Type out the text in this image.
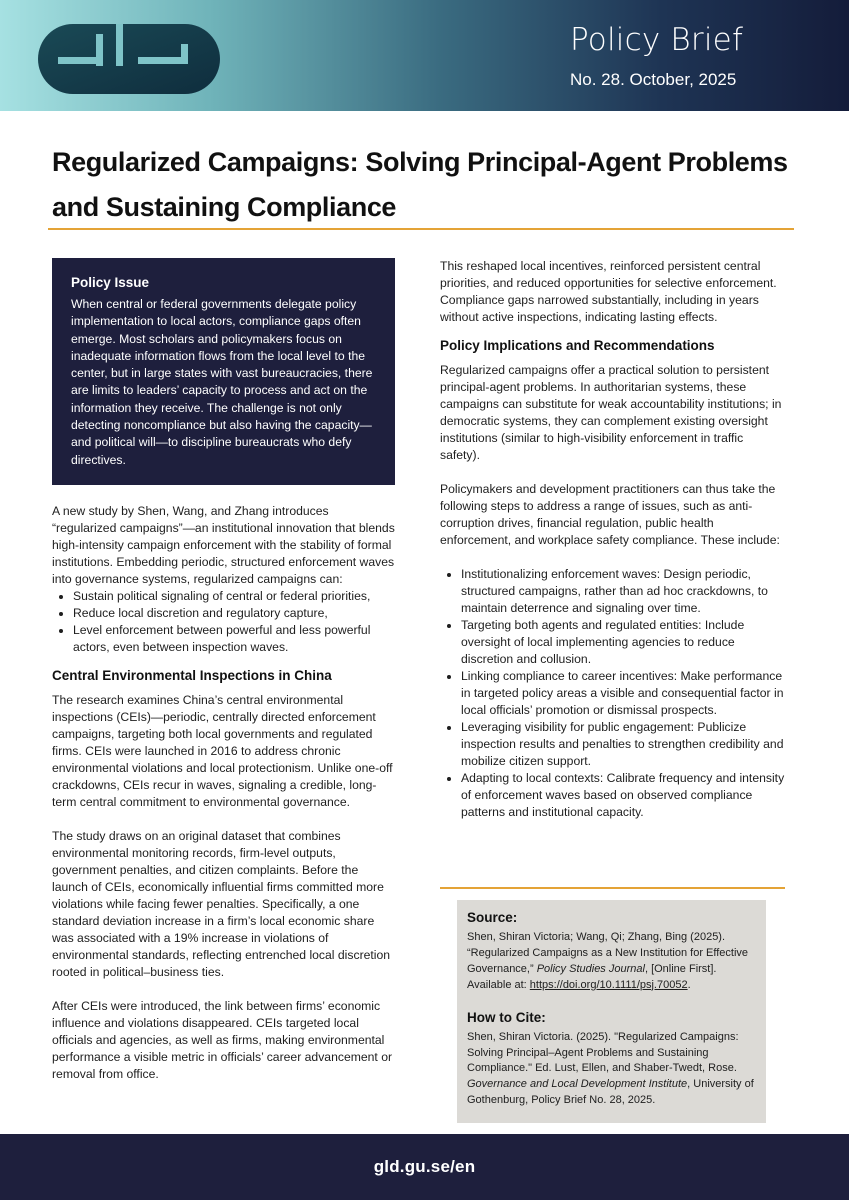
Policy Brief
No. 28. October, 2025
Regularized Campaigns: Solving Principal-Agent Problems and Sustaining Compliance
Policy Issue

When central or federal governments delegate policy implementation to local actors, compliance gaps often emerge. Most scholars and policymakers focus on inadequate information flows from the local level to the center, but in large states with vast bureaucracies, there are limits to leaders’ capacity to process and act on the information they receive. The challenge is not only detecting noncompliance but also having the capacity—and political will—to discipline bureaucrats who defy directives.

A new study by Shen, Wang, and Zhang introduces “regularized campaigns”—an institutional innovation that blends high-intensity campaign enforcement with the stability of formal institutions. Embedding periodic, structured enforcement waves into governance systems, regularized campaigns can:

• Sustain political signaling of central or federal priorities,
• Reduce local discretion and regulatory capture,
• Level enforcement between powerful and less powerful actors, even between inspection waves.
Central Environmental Inspections in China

The research examines China’s central environmental inspections (CEIs)—periodic, centrally directed enforcement campaigns, targeting both local governments and regulated firms. CEIs were launched in 2016 to address chronic environmental violations and local protectionism. Unlike one-off crackdowns, CEIs recur in waves, signaling a credible, long-term central commitment to environmental governance.

The study draws on an original dataset that combines environmental monitoring records, firm-level outputs, government penalties, and citizen complaints. Before the launch of CEIs, economically influential firms committed more violations while facing fewer penalties. Specifically, a one standard deviation increase in a firm’s local economic share was associated with a 19% increase in violations of environmental standards, reflecting entrenched local discretion rooted in political–business ties.

After CEIs were introduced, the link between firms’ economic influence and violations disappeared. CEIs targeted local officials and agencies, as well as firms, making environmental performance a visible metric in officials’ career advancement or removal from office.

This reshaped local incentives, reinforced persistent central priorities, and reduced opportunities for selective enforcement. Compliance gaps narrowed substantially, including in years without active inspections, indicating lasting effects.

Policy Implications and Recommendations

Regularized campaigns offer a practical solution to persistent principal-agent problems. In authoritarian systems, these campaigns can substitute for weak accountability institutions; in democratic systems, they can complement existing oversight institutions (similar to high-visibility enforcement in traffic safety).

Policymakers and development practitioners can thus take the following steps to address a range of issues, such as anti-corruption drives, financial regulation, public health enforcement, and workplace safety compliance. These include:

• Institutionalizing enforcement waves: Design periodic, structured campaigns, rather than ad hoc crackdowns, to maintain deterrence and signaling over time.
• Targeting both agents and regulated entities: Include oversight of local implementing agencies to reduce discretion and collusion.
• Linking compliance to career incentives: Make performance in targeted policy areas a visible and consequential factor in local officials’ promotion or dismissal prospects.
• Leveraging visibility for public engagement: Publicize inspection results and penalties to strengthen credibility and mobilize citizen support.
• Adapting to local contexts: Calibrate frequency and intensity of enforcement waves based on observed compliance patterns and institutional capacity.
Source:

Shen, Shiran Victoria; Wang, Qi; Zhang, Bing (2025). “Regularized Campaigns as a New Institution for Effective Governance,” Policy Studies Journal, [Online First]. Available at: https://doi.org/10.1111/psj.70052.

How to Cite:

Shen, Shiran Victoria. (2025). "Regularized Campaigns: Solving Principal–Agent Problems and Sustaining Compliance." Ed. Lust, Ellen, and Shaber-Twedt, Rose. Governance and Local Development Institute, University of Gothenburg, Policy Brief No. 28, 2025.

gld.gu.se/en
